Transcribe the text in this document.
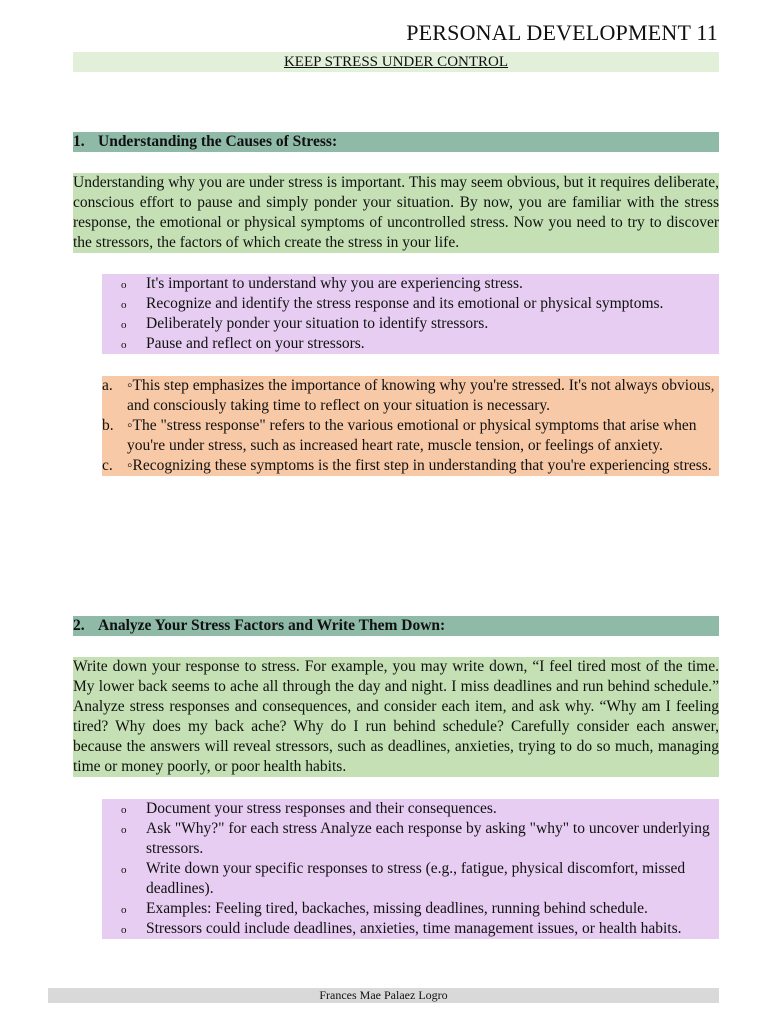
PERSONAL DEVELOPMENT 11
KEEP STRESS UNDER CONTROL
1. Understanding the Causes of Stress:
Understanding why you are under stress is important. This may seem obvious, but it requires deliberate, conscious effort to pause and simply ponder your situation. By now, you are familiar with the stress response, the emotional or physical symptoms of uncontrolled stress. Now you need to try to discover the stressors, the factors of which create the stress in your life.
o It's important to understand why you are experiencing stress.
o Recognize and identify the stress response and its emotional or physical symptoms.
o Deliberately ponder your situation to identify stressors.
o Pause and reflect on your stressors.
a. ◦This step emphasizes the importance of knowing why you're stressed. It's not always obvious, and consciously taking time to reflect on your situation is necessary.
b. ◦The "stress response" refers to the various emotional or physical symptoms that arise when you're under stress, such as increased heart rate, muscle tension, or feelings of anxiety.
c. ◦Recognizing these symptoms is the first step in understanding that you're experiencing stress.
2. Analyze Your Stress Factors and Write Them Down:
Write down your response to stress. For example, you may write down, “I feel tired most of the time. My lower back seems to ache all through the day and night. I miss deadlines and run behind schedule.” Analyze stress responses and consequences, and consider each item, and ask why. “Why am I feeling tired? Why does my back ache? Why do I run behind schedule? Carefully consider each answer, because the answers will reveal stressors, such as deadlines, anxieties, trying to do so much, managing time or money poorly, or poor health habits.
o Document your stress responses and their consequences.
o Ask "Why?" for each stress Analyze each response by asking "why" to uncover underlying stressors.
o Write down your specific responses to stress (e.g., fatigue, physical discomfort, missed deadlines).
o Examples: Feeling tired, backaches, missing deadlines, running behind schedule.
o Stressors could include deadlines, anxieties, time management issues, or health habits.
Frances Mae Palaez Logro
